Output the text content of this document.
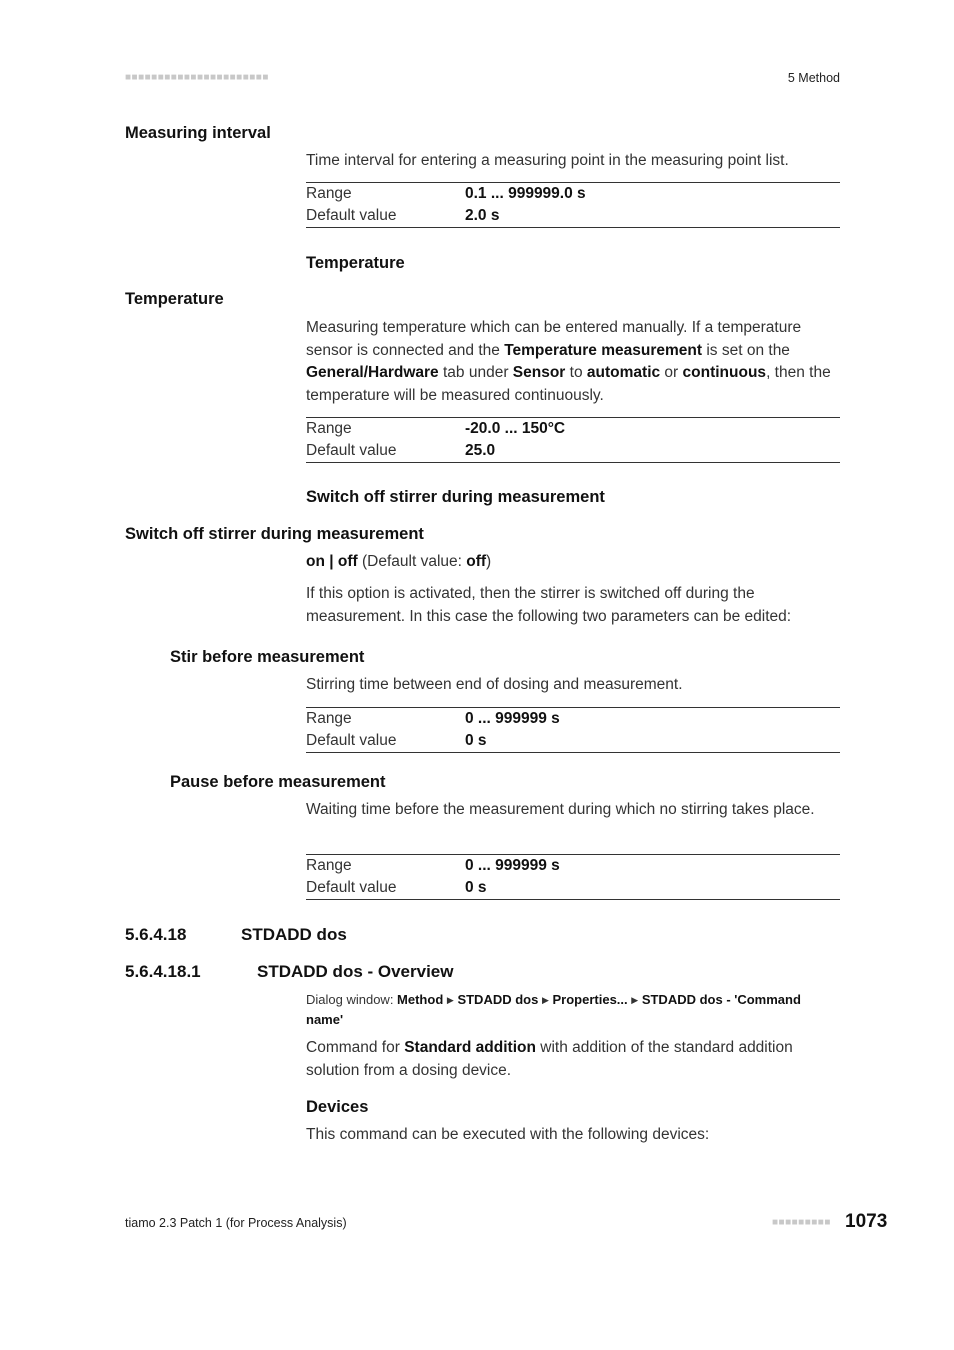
■■■■■■■■■■■■■■■■■■■■■■	5 Method
Measuring interval
Time interval for entering a measuring point in the measuring point list.
Range	0.1 ... 999999.0 s
Default value	2.0 s
Temperature
Temperature
Measuring temperature which can be entered manually. If a temperature sensor is connected and the Temperature measurement is set on the General/Hardware tab under Sensor to automatic or continuous, then the temperature will be measured continuously.
Range	-20.0 ... 150°C
Default value	25.0
Switch off stirrer during measurement
Switch off stirrer during measurement
on | off (Default value: off)
If this option is activated, then the stirrer is switched off during the measurement. In this case the following two parameters can be edited:
Stir before measurement
Stirring time between end of dosing and measurement.
Range	0 ... 999999 s
Default value	0 s
Pause before measurement
Waiting time before the measurement during which no stirring takes place.
Range	0 ... 999999 s
Default value	0 s
5.6.4.18	STDADD dos
5.6.4.18.1	STDADD dos - Overview
Dialog window: Method ▶ STDADD dos ▶ Properties... ▶ STDADD dos - 'Command name'
Command for Standard addition with addition of the standard addition solution from a dosing device.
Devices
This command can be executed with the following devices:
tiamo 2.3 Patch 1 (for Process Analysis)	■■■■■■■■■ 1073
